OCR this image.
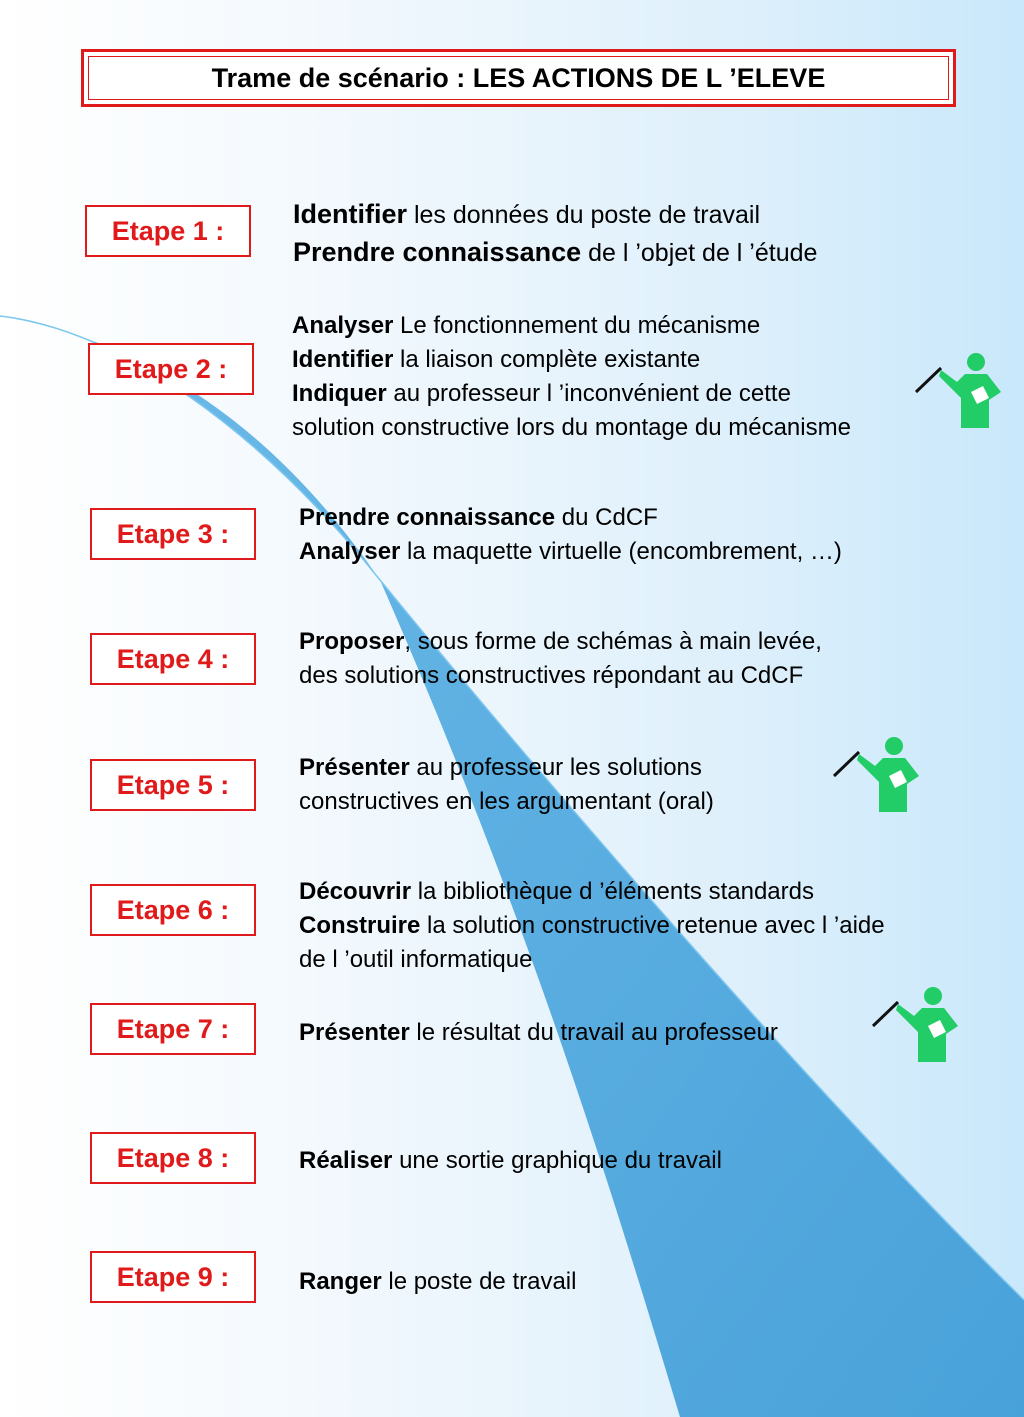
Trame de scénario : LES ACTIONS DE L ’ELEVE
Etape 1 :
Identifier les données du poste de travail
Prendre connaissance de l ’objet de l ’étude
Etape 2 :
Analyser Le fonctionnement du mécanisme
Identifier la liaison complète existante
Indiquer au professeur l ’inconvénient de cette
solution constructive lors du montage du mécanisme
Etape 3 :
Prendre connaissance du CdCF
Analyser la maquette virtuelle (encombrement, …)
Etape 4 :
Proposer, sous forme de schémas à main levée,
des solutions constructives répondant au CdCF
Etape 5 :
Présenter au professeur les solutions
constructives en les argumentant (oral)
Etape 6 :
Découvrir la bibliothèque d ’éléments standards
Construire la solution constructive retenue avec l ’aide
de l ’outil informatique
Etape 7 :	Présenter le résultat du travail au professeur
Etape 8 :	Réaliser une sortie graphique du travail
Etape 9 :	Ranger le poste de travail
